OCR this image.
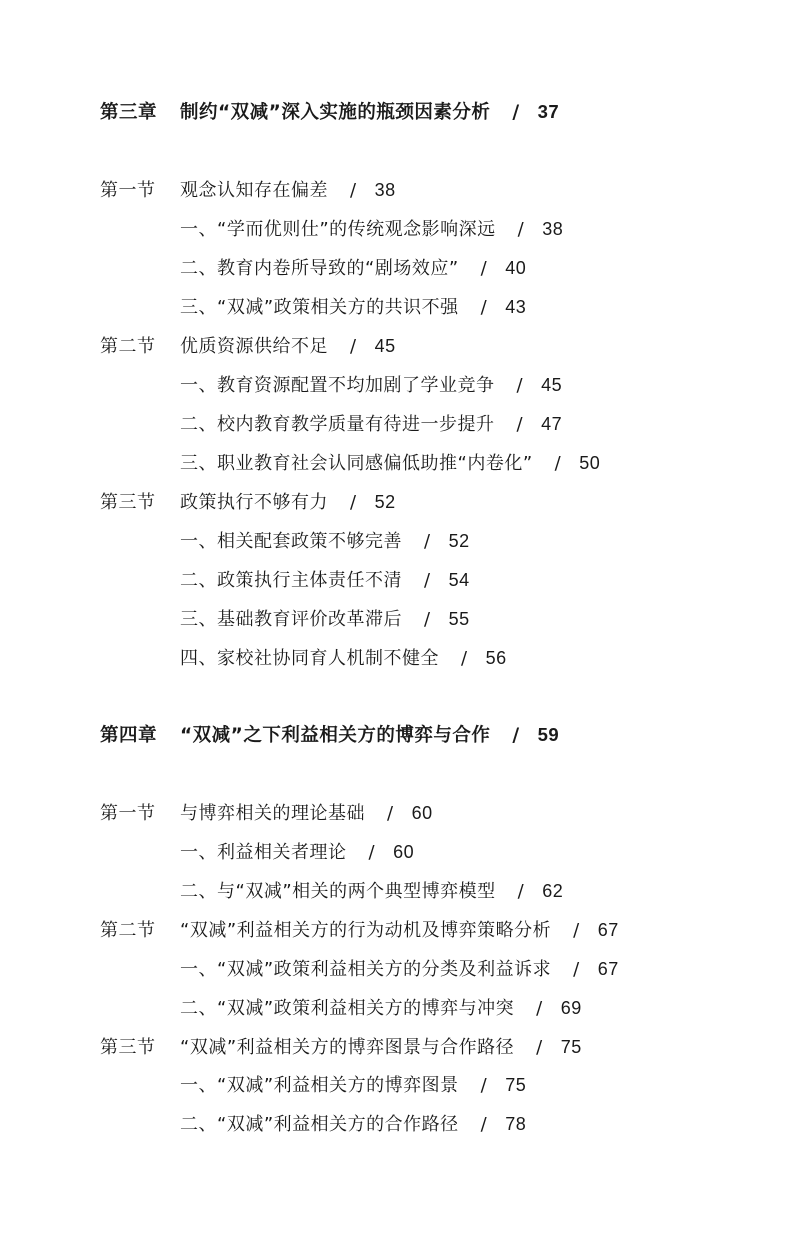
第三章 制约“双减”深入实施的瓶颈因素分析 / 37
第一节 观念认知存在偏差 / 38
一、“学而优则仕”的传统观念影响深远 / 38
二、教育内卷所导致的“剧场效应” / 40
三、“双减”政策相关方的共识不强 / 43
第二节 优质资源供给不足 / 45
一、教育资源配置不均加剧了学业竞争 / 45
二、校内教育教学质量有待进一步提升 / 47
三、职业教育社会认同感偏低助推“内卷化” / 50
第三节 政策执行不够有力 / 52
一、相关配套政策不够完善 / 52
二、政策执行主体责任不清 / 54
三、基础教育评价改革滞后 / 55
四、家校社协同育人机制不健全 / 56
第四章 “双减”之下利益相关方的博弈与合作 / 59
第一节 与博弈相关的理论基础 / 60
一、利益相关者理论 / 60
二、与“双减”相关的两个典型博弈模型 / 62
第二节 “双减”利益相关方的行为动机及博弈策略分析 / 67
一、“双减”政策利益相关方的分类及利益诉求 / 67
二、“双减”政策利益相关方的博弈与冲突 / 69
第三节 “双减”利益相关方的博弈图景与合作路径 / 75
一、“双减”利益相关方的博弈图景 / 75
二、“双减”利益相关方的合作路径 / 78
